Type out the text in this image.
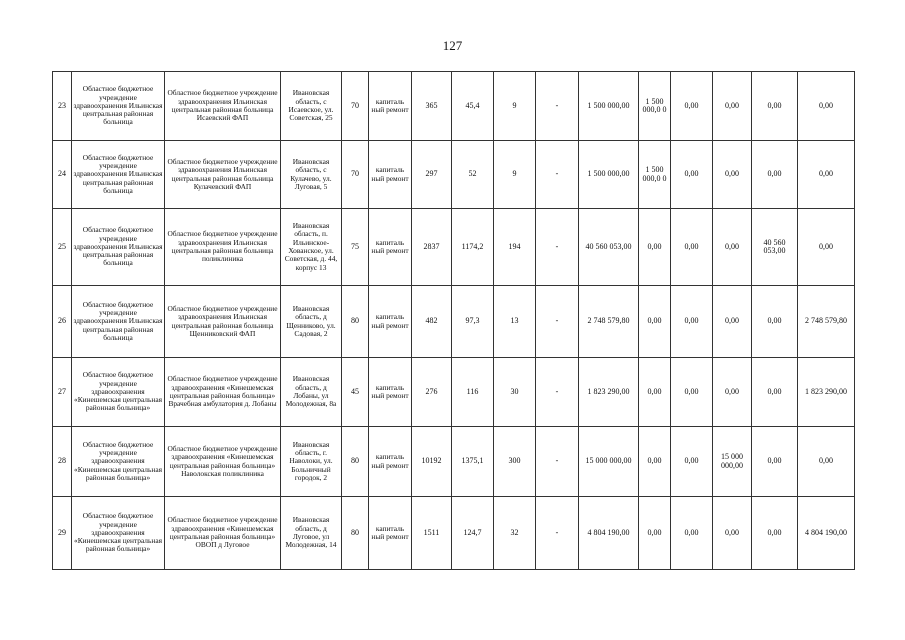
127
23	Областное бюджетное учреждение здравоохранения Ильинская центральная районная больница	Областное бюджетное учреждение здравоохранения Ильинская центральная районная больница Исаевский ФАП	Ивановская область, с Исаевское, ул. Советская, 25	70	капиталь ный ремонт	365	45,4	9	-	1 500 000,00	1 500 000,0 0	0,00	0,00	0,00	0,00
24	Областное бюджетное учреждение здравоохранения Ильинская центральная районная больница	Областное бюджетное учреждение здравоохранения Ильинская центральная районная больница Кулачевский ФАП	Ивановская область, с Кулачево, ул. Луговая, 5	70	капиталь ный ремонт	297	52	9	-	1 500 000,00	1 500 000,0 0	0,00	0,00	0,00	0,00
25	Областное бюджетное учреждение здравоохранения Ильинская центральная районная больница	Областное бюджетное учреждение здравоохранения Ильинская центральная районная больница поликлиника	Ивановская область, п. Ильинское-Хованское, ул. Советская, д. 44, корпус 13	75	капиталь ный ремонт	2837	1174,2	194	-	40 560 053,00	0,00	0,00	0,00	40 560 053,00	0,00
26	Областное бюджетное учреждение здравоохранения Ильинская центральная районная больница	Областное бюджетное учреждение здравоохранения Ильинская центральная районная больница Щенниковский ФАП	Ивановская область, д Щенниково, ул. Садовая, 2	80	капиталь ный ремонт	482	97,3	13	-	2 748 579,80	0,00	0,00	0,00	0,00	2 748 579,80
27	Областное бюджетное учреждение здравоохранения «Кинешемская центральная районная больница»	Областное бюджетное учреждение здравоохранения «Кинешемская центральная районная больница» Врачебная амбулатория д. Лобаны	Ивановская область, д Лобаны, ул Молодежная, 8а	45	капиталь ный ремонт	276	116	30	-	1 823 290,00	0,00	0,00	0,00	0,00	1 823 290,00
28	Областное бюджетное учреждение здравоохранения «Кинешемская центральная районная больница»	Областное бюджетное учреждение здравоохранения «Кинешемская центральная районная больница» Наволокская поликлиника	Ивановская область, г. Наволоки, ул. Больничный городок, 2	80	капиталь ный ремонт	10192	1375,1	300	-	15 000 000,00	0,00	0,00	15 000 000,00	0,00	0,00
29	Областное бюджетное учреждение здравоохранения «Кинешемская центральная районная больница»	Областное бюджетное учреждение здравоохранения «Кинешемская центральная районная больница» ОВОП д Луговое	Ивановская область, д Луговое, ул Молодежная, 14	80	капиталь ный ремонт	1511	124,7	32	-	4 804 190,00	0,00	0,00	0,00	0,00	4 804 190,00
